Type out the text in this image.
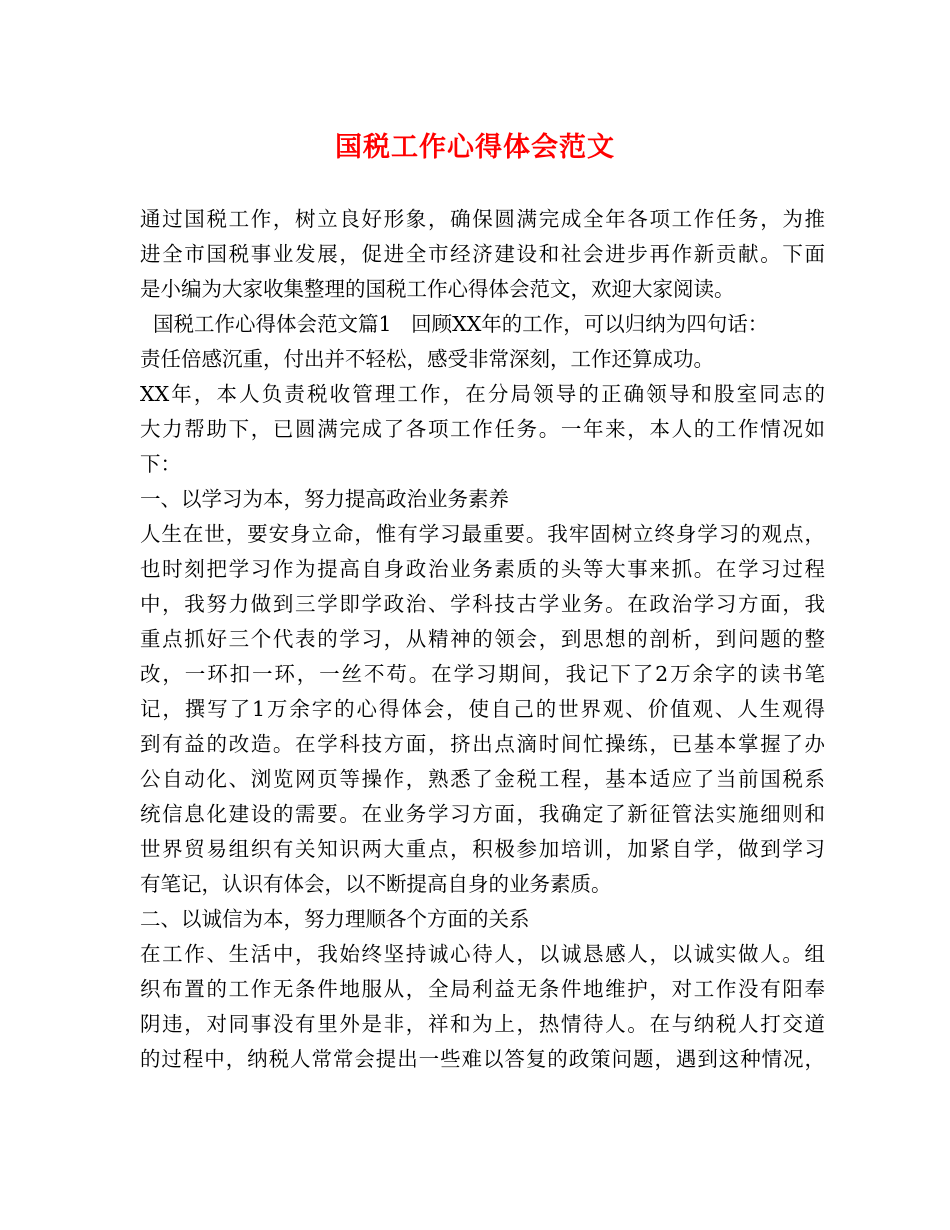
国税工作心得体会范文
通过国税工作，树立良好形象，确保圆满完成全年各项工作任务，为推
进全市国税事业发展，促进全市经济建设和社会进步再作新贡献。下面
是小编为大家收集整理的国税工作心得体会范文，欢迎大家阅读。
国税工作心得体会范文篇1   回顾XX年的工作，可以归纳为四句话：
责任倍感沉重，付出并不轻松，感受非常深刻，工作还算成功。
XX年，本人负责税收管理工作，在分局领导的正确领导和股室同志的
大力帮助下，已圆满完成了各项工作任务。一年来，本人的工作情况如
下：
一、以学习为本，努力提高政治业务素养
人生在世，要安身立命，惟有学习最重要。我牢固树立终身学习的观点，
也时刻把学习作为提高自身政治业务素质的头等大事来抓。在学习过程
中，我努力做到三学即学政治、学科技古学业务。在政治学习方面，我
重点抓好三个代表的学习，从精神的领会，到思想的剖析，到问题的整
改，一环扣一环，一丝不苟。在学习期间，我记下了2万余字的读书笔
记，撰写了1万余字的心得体会，使自己的世界观、价值观、人生观得
到有益的改造。在学科技方面，挤出点滴时间忙操练，已基本掌握了办
公自动化、浏览网页等操作，熟悉了金税工程，基本适应了当前国税系
统信息化建设的需要。在业务学习方面，我确定了新征管法实施细则和
世界贸易组织有关知识两大重点，积极参加培训，加紧自学，做到学习
有笔记，认识有体会，以不断提高自身的业务素质。
二、以诚信为本，努力理顺各个方面的关系
在工作、生活中，我始终坚持诚心待人，以诚恳感人，以诚实做人。组
织布置的工作无条件地服从，全局利益无条件地维护，对工作没有阳奉
阴违，对同事没有里外是非，祥和为上，热情待人。在与纳税人打交道
的过程中，纳税人常常会提出一些难以答复的政策问题，遇到这种情况，
